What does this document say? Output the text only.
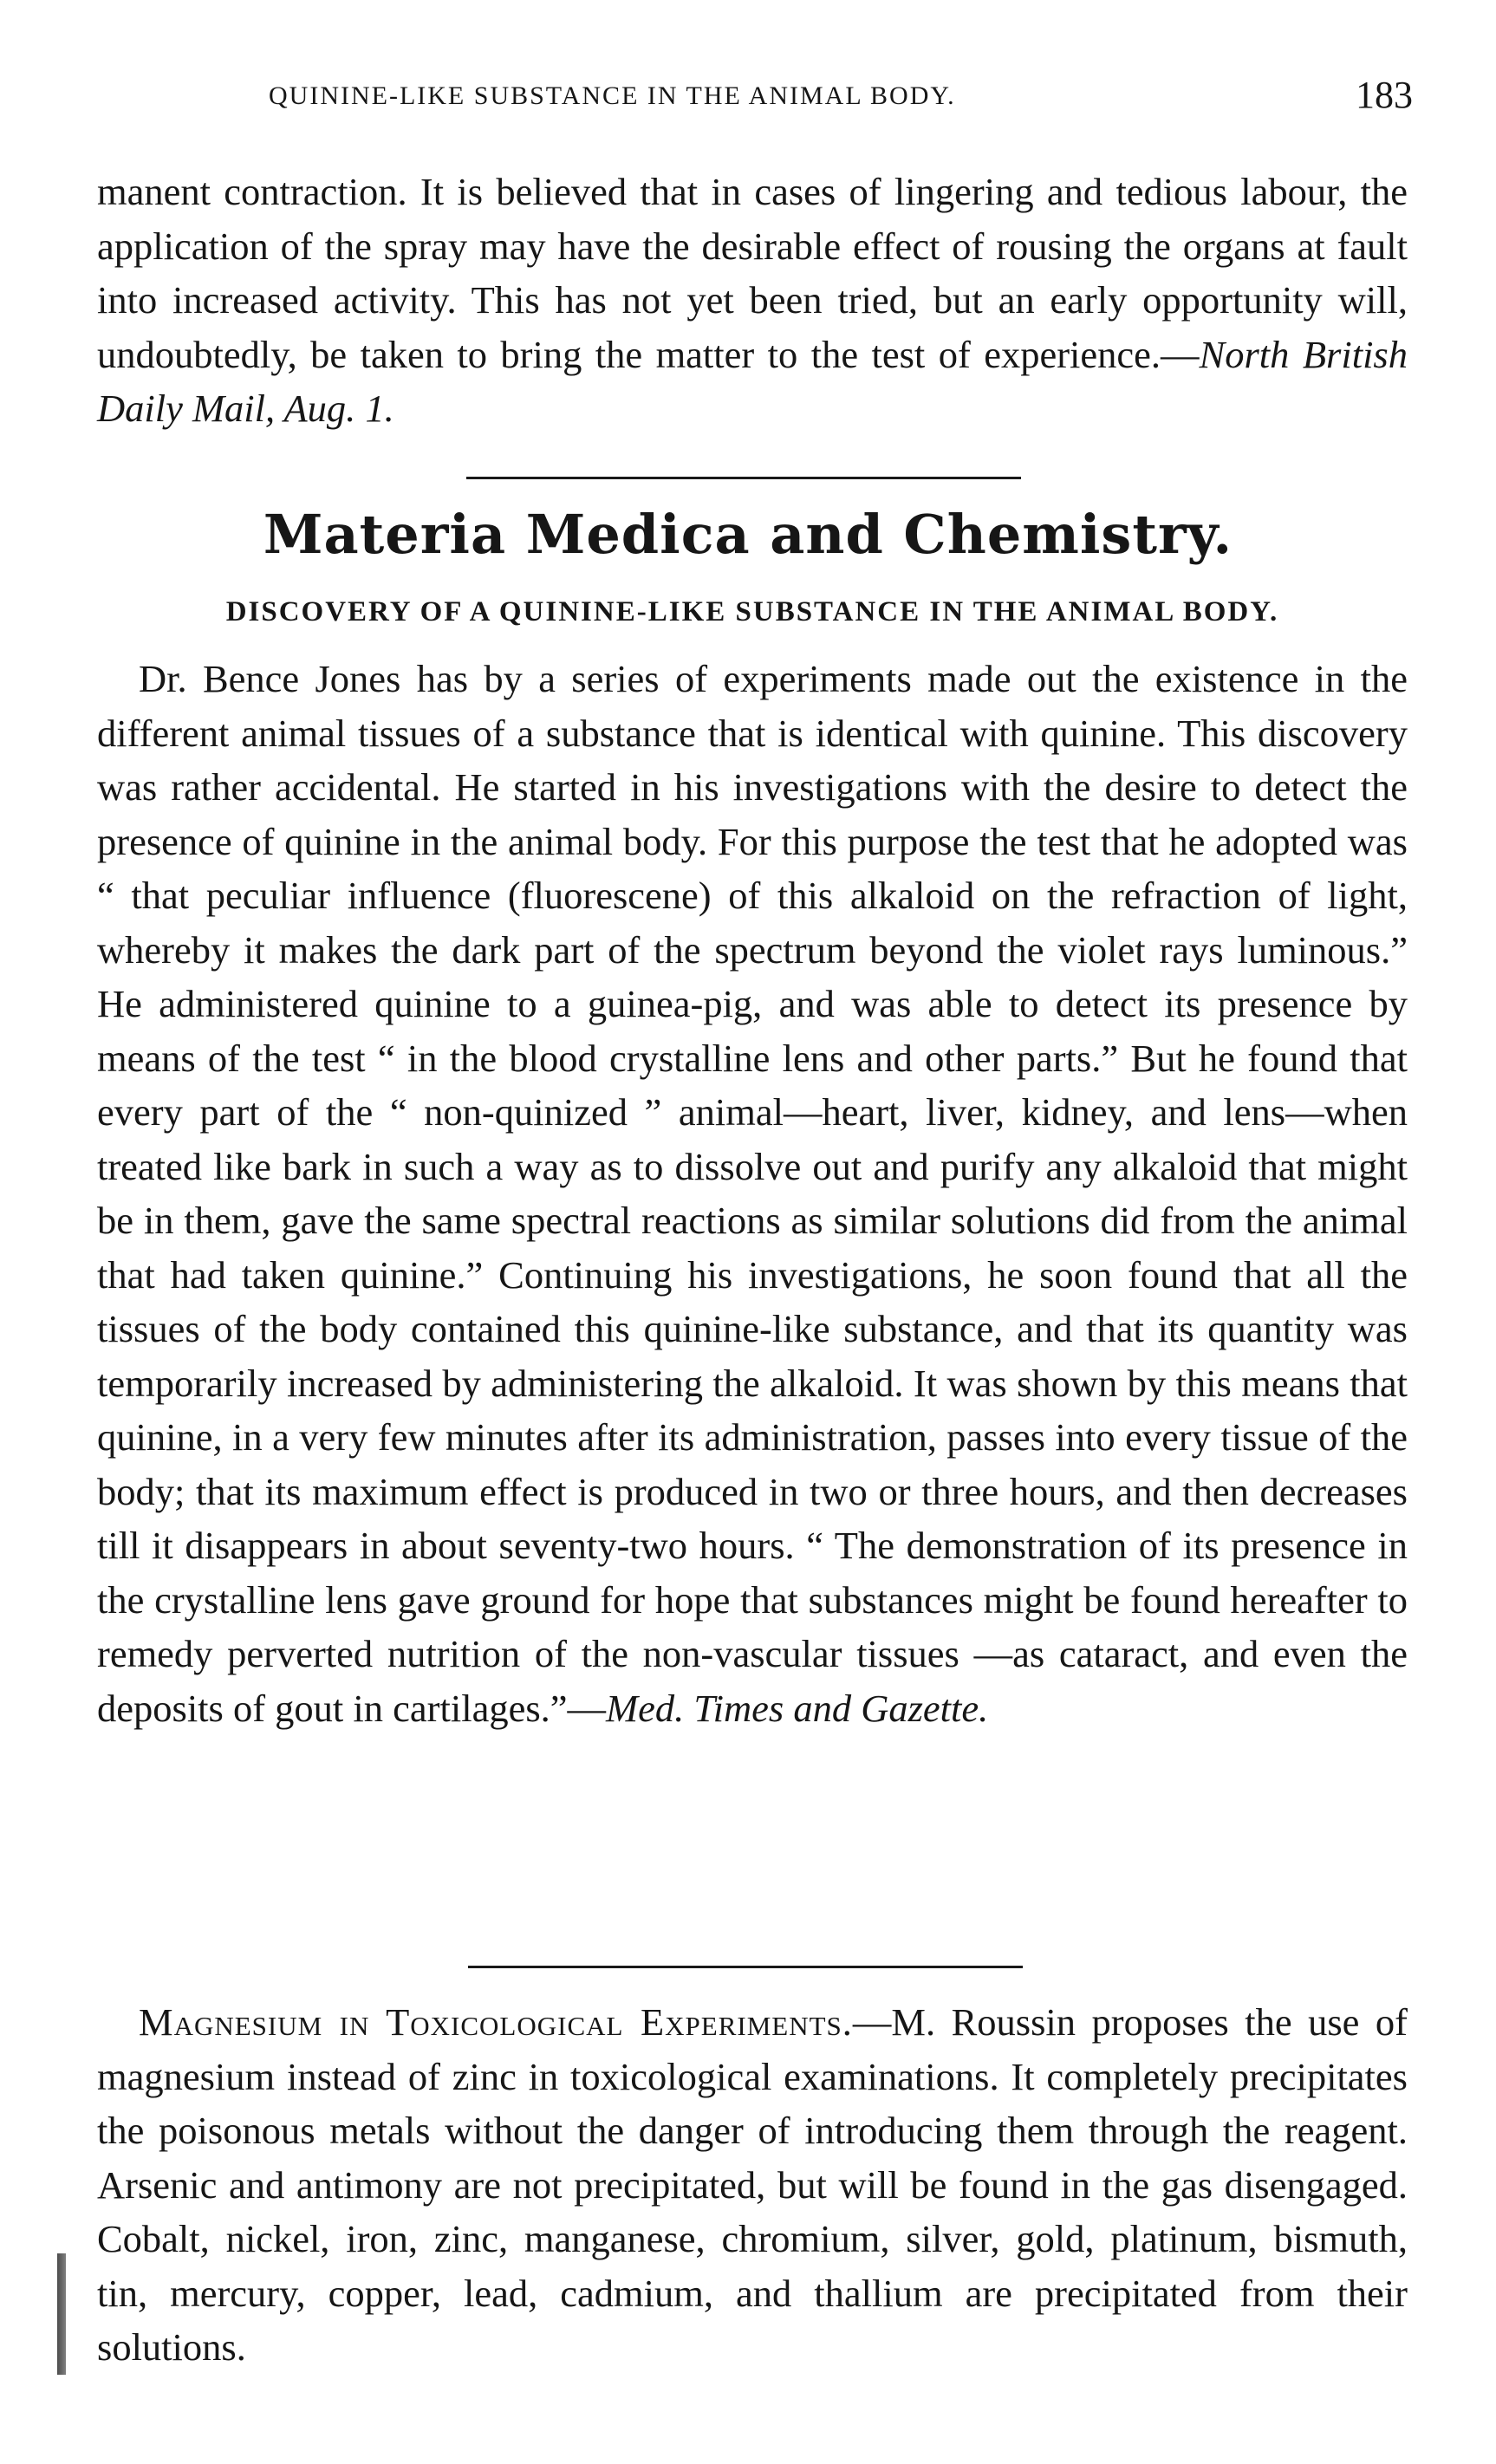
QUININE-LIKE SUBSTANCE IN THE ANIMAL BODY.	183

manent contraction. It is believed that in cases of lingering and tedious labour, the application of the spray may have the desirable effect of rousing the organs at fault into increased activity. This has not yet been tried, but an early opportunity will, undoubtedly, be taken to bring the matter to the test of experience.—North British Daily Mail, Aug. 1.

Materia Medica and Chemistry.
DISCOVERY OF A QUININE-LIKE SUBSTANCE IN THE ANIMAL BODY.

Dr. Bence Jones has by a series of experiments made out the existence in the different animal tissues of a substance that is identical with quinine. This discovery was rather accidental. He started in his investigations with the desire to detect the presence of quinine in the animal body. For this purpose the test that he adopted was “ that peculiar influence (fluorescene) of this alkaloid on the refraction of light, whereby it makes the dark part of the spectrum beyond the violet rays luminous.” He administered quinine to a guinea-pig, and was able to detect its presence by means of the test “ in the blood crystalline lens and other parts.” But he found that every part of the “ non-quinized ” animal—heart, liver, kidney, and lens—when treated like bark in such a way as to dissolve out and purify any alkaloid that might be in them, gave the same spectral reactions as similar solutions did from the animal that had taken quinine.” Continuing his investigations, he soon found that all the tissues of the body contained this quinine-like substance, and that its quantity was temporarily increased by administering the alkaloid. It was shown by this means that quinine, in a very few minutes after its administration, passes into every tissue of the body; that its maximum effect is produced in two or three hours, and then decreases till it disappears in about seventy-two hours. “ The demonstration of its presence in the crystalline lens gave ground for hope that substances might be found hereafter to remedy perverted nutrition of the non-vascular tissues —as cataract, and even the deposits of gout in cartilages.”—Med. Times and Gazette.

Magnesium in Toxicological Experiments.—M. Roussin proposes the use of magnesium instead of zinc in toxicological examinations. It completely precipitates the poisonous metals without the danger of introducing them through the reagent. Arsenic and antimony are not precipitated, but will be found in the gas disengaged. Cobalt, nickel, iron, zinc, manganese, chromium, silver, gold, platinum, bismuth, tin, mercury, copper, lead, cadmium, and thallium are precipitated from their solutions.
